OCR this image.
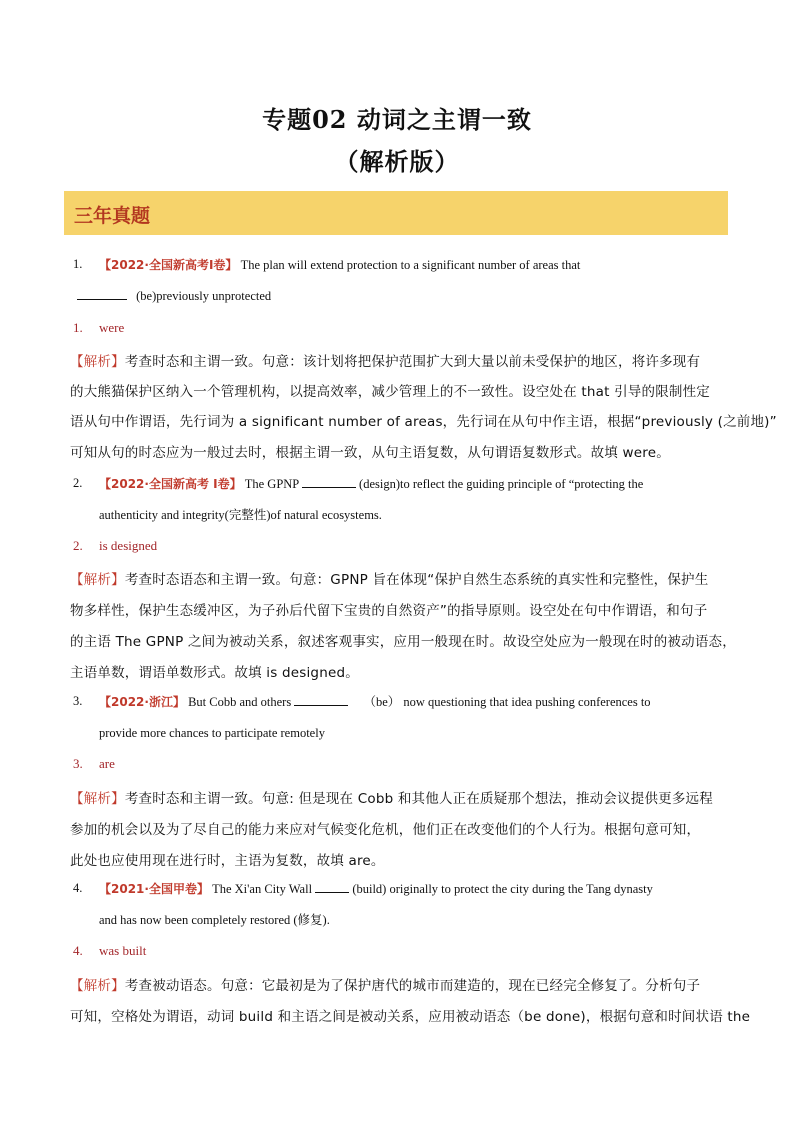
专题02 动词之主谓一致
（解析版）
三年真题
1. 【2022·全国新高考I卷】 The plan will extend protection to a significant number of areas that
(be)previously unprotected
1. were
【解析】考查时态和主谓一致。句意：该计划将把保护范围扩大到大量以前未受保护的地区，将许多现有
的大熊猫保护区纳入一个管理机构，以提高效率，减少管理上的不一致性。设空处在 that 引导的限制性定
语从句中作谓语，先行词为 a significant number of areas，先行词在从句中作主语，根据“previously (之前地)”
可知从句的时态应为一般过去时，根据主谓一致，从句主语复数，从句谓语复数形式。故填 were。
2. 【2022·全国新高考 I卷】 The GPNP	(design)to reflect the guiding principle of “protecting the
authenticity and integrity(完整性)of natural ecosystems.
2. is designed
【解析】考查时态语态和主谓一致。句意：GPNP 旨在体现“保护自然生态系统的真实性和完整性，保护生
物多样性，保护生态缓冲区，为子孙后代留下宝贵的自然资产”的指导原则。设空处在句中作谓语，和句子
的主语 The GPNP 之间为被动关系，叙述客观事实，应用一般现在时。故设空处应为一般现在时的被动语态，
主语单数，谓语单数形式。故填 is designed。
3. 【2022·浙江】 But Cobb and others	（be） now questioning that idea pushing conferences to
provide more chances to participate remotely
3. are
【解析】考查时态和主谓一致。句意: 但是现在 Cobb 和其他人正在质疑那个想法，推动会议提供更多远程
参加的机会以及为了尽自己的能力来应对气候变化危机，他们正在改变他们的个人行为。根据句意可知，
此处也应使用现在进行时，主语为复数，故填 are。
4. 【2021·全国甲卷】 The Xi'an City Wall	(build) originally to protect the city during the Tang dynasty
and has now been completely restored (修复).
4. was built
【解析】考查被动语态。句意：它最初是为了保护唐代的城市而建造的，现在已经完全修复了。分析句子
可知，空格处为谓语，动词 build 和主语之间是被动关系，应用被动语态（be done)，根据句意和时间状语 the
